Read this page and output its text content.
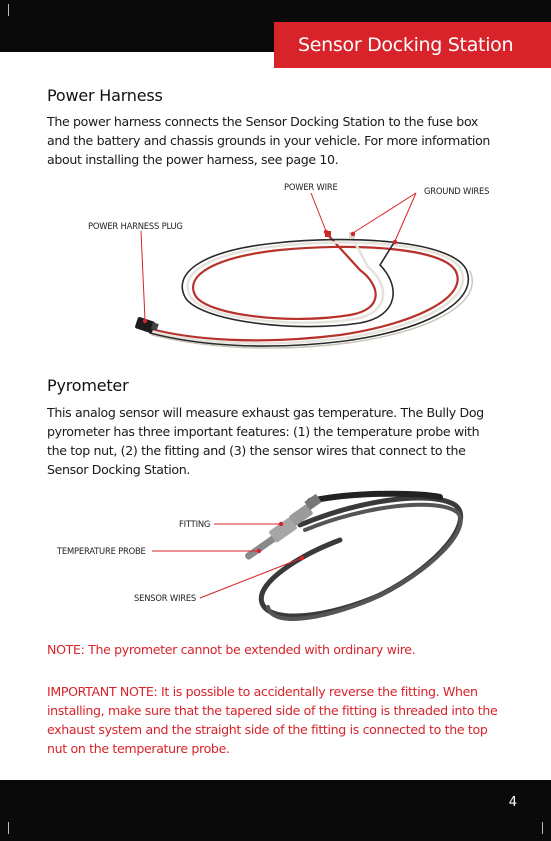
Sensor Docking Station
Power Harness
The power harness connects the Sensor Docking Station to the fuse box and the battery and chassis grounds in your vehicle. For more information about installing the power harness, see page 10.
POWER WIRE	GROUND WIRES
POWER HARNESS PLUG
Pyrometer
This analog sensor will measure exhaust gas temperature. The Bully Dog pyrometer has three important features: (1) the temperature probe with the top nut, (2) the fitting and (3) the sensor wires that connect to the Sensor Docking Station.
FITTING
TEMPERATURE PROBE
SENSOR WIRES
NOTE: The pyrometer cannot be extended with ordinary wire.
IMPORTANT NOTE: It is possible to accidentally reverse the fitting. When installing, make sure that the tapered side of the fitting is threaded into the exhaust system and the straight side of the fitting is connected to the top nut on the temperature probe.
4
